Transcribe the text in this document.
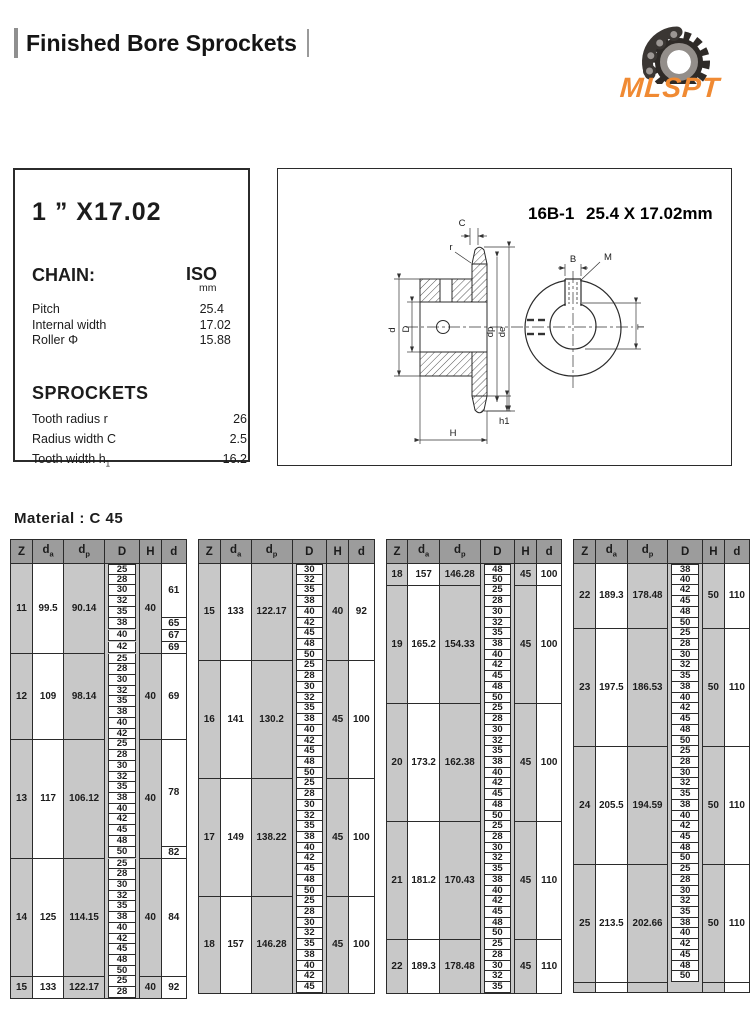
Finished Bore Sprockets
MLSPT
1 ” X17.02
CHAIN:	ISO
mm
Pitch	25.4
Internal width	17.02
Roller Φ	15.88
SPROCKETS
Tooth radius r	26
Radius width C	2.5
Tooth width $h_1$	16.2
16B-1 25.4 X 17.02mm
C
r
d D	dp de
h1
H
B	M
T
Material : C 45
Z	$d_a$	$d_p$	D	H	d
11	99.5	90.14	25	40	61

			28		

			30		

			32		

			35		

			38		65

			40		67

			42		69
12	109	98.14	25	40	69

			28		

			30		

			32		

			35		

			38		

			40		

			42		

13	117	106.12	25	40	78

			28		

			30		

			32		

			35		

			38		

			40		

			42		

			45		

			48		

			50		82
14	125	114.15	25	40	84

			28		

			30		

			32		

			35		

			38		

			40		

			42		

			45		

			48		

			50		

15	133	122.17	25	40	92

			28		
Z	$d_a$	$d_p$	D	H	d
15	133	122.17	30	40	92

			32		

			35		

			38		

			40		

			42		

			45		

			48		

			50		

16	141	130.2	25	45	100

			28		

			30		

			32		

			35		

			38		

			40		

			42		

			45		

			48		

			50		

17	149	138.22	25	45	100

			28		

			30		

			32		

			35		

			38		

			40		

			42		

			45		

			48		

			50		

18	157	146.28	25	45	100

			28		

			30		

			32		

			35		

			38		

			40		

			42		

			45		
Z	$d_a$	$d_p$	D	H	d
18	157	146.28	48	45	100

			50		

19	165.2	154.33	25	45	100

			28		

			30		

			32		

			35		

			38		

			40		

			42		

			45		

			48		

			50		

20	173.2	162.38	25	45	100

			28		

			30		

			32		

			35		

			38		

			40		

			42		

			45		

			48		

			50		

21	181.2	170.43	25	45	110

			28		

			30		

			32		

			35		

			38		

			40		

			42		

			45		

			48		

			50		

22	189.3	178.48	25	45	110

			28		

			30		

			32		

			35		
Z	$d_a$	$d_p$	D	H	d
22	189.3	178.48	38	50	110

			40		

			42		

			45		

			48		

			50		

23	197.5	186.53	25	50	110

			28		

			30		

			32		

			35		

			38		

			40		

			42		

			45		

			48		

			50		

24	205.5	194.59	25	50	110

			28		

			30		

			32		

			35		

			38		

			40		

			42		

			45		

			48		

			50		

25	213.5	202.66	25	50	110

			28		

			30		

			32		

			35		

			38		

			40		

			42		

			45		

			48		

			50		
